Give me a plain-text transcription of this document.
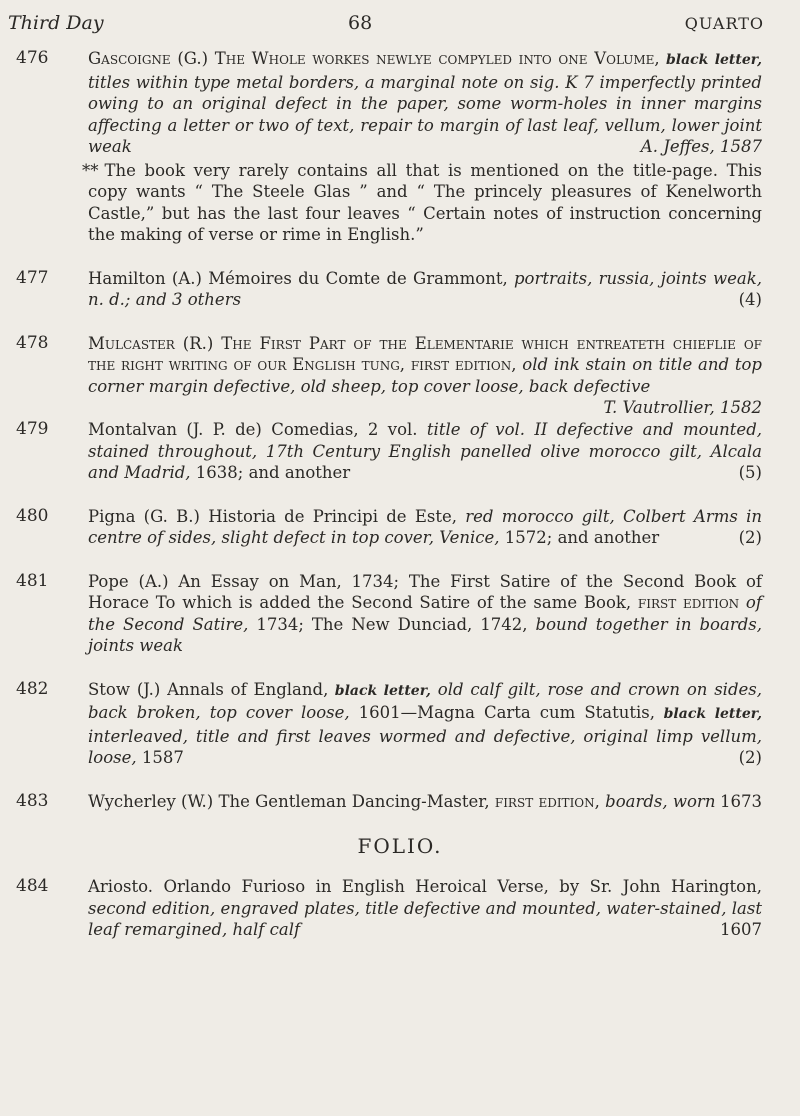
Third Day	68	QUARTO
476 Gascoigne (G.) The Whole workes newlye compyled into one Volume, black letter, titles within type metal borders, a marginal note on sig. K 7 imperfectly printed owing to an original defect in the paper, some worm-holes in inner margins affecting a letter or two of text, repair to margin of last leaf, vellum, lower joint weak	A. Jeffes, 1587
** The book very rarely contains all that is mentioned on the title-page. This copy wants “ The Steele Glas ” and “ The princely pleasures of Kenelworth Castle,” but has the last four leaves “ Certain notes of instruction concerning the making of verse or rime in English.”
477 Hamilton (A.) Mémoires du Comte de Grammont, portraits, russia, joints weak, n. d.; and 3 others	(4)
478 Mulcaster (R.) The First Part of the Elementarie which entreateth chieflie of the right writing of our English tung, first edition, old ink stain on title and top corner margin defective, old sheep, top cover loose, back defective
T. Vautrollier, 1582
479 Montalvan (J. P. de) Comedias, 2 vol. title of vol. II defective and mounted, stained throughout, 17th Century English panelled olive morocco gilt, Alcala and Madrid, 1638; and another	(5)
480 Pigna (G. B.) Historia de Principi de Este, red morocco gilt, Colbert Arms in centre of sides, slight defect in top cover, Venice, 1572; and another	(2)
481 Pope (A.) An Essay on Man, 1734; The First Satire of the Second Book of Horace To which is added the Second Satire of the same Book, first edition of the Second Satire, 1734; The New Dunciad, 1742, bound together in boards, joints weak
482 Stow (J.) Annals of England, black letter, old calf gilt, rose and crown on sides, back broken, top cover loose, 1601—Magna Carta cum Statutis, black letter, interleaved, title and first leaves wormed and defective, original limp vellum, loose, 1587	(2)
483 Wycherley (W.) The Gentleman Dancing-Master, first edition, boards, worn 1673
FOLIO.
484 Ariosto. Orlando Furioso in English Heroical Verse, by Sr. John Harington, second edition, engraved plates, title defective and mounted, water-stained, last leaf remargined, half calf	1607
